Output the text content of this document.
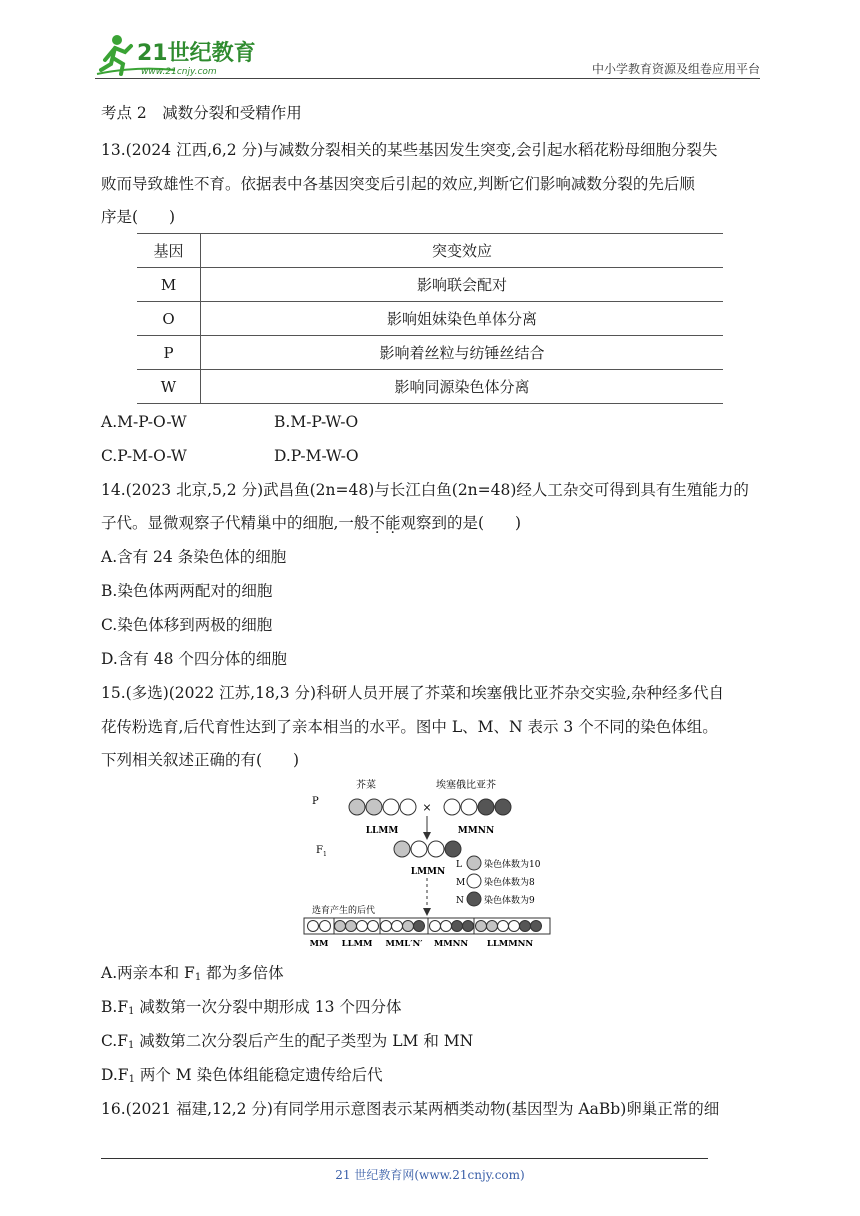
21世纪教育
www.21cnjy.com	中小学教育资源及组卷应用平台
考点 2　减数分裂和受精作用
13.(2024 江西,6,2 分)与减数分裂相关的某些基因发生突变,会引起水稻花粉母细胞分裂失
败而导致雄性不育。依据表中各基因突变后引起的效应,判断它们影响减数分裂的先后顺
序是(　　)
基因	突变效应
M	影响联会配对
O	影响姐妹染色单体分离
P	影响着丝粒与纺锤丝结合
W	影响同源染色体分离
A.M-P-O-W	B.M-P-W-O
C.P-M-O-W	D.P-M-W-O
14.(2023 北京,5,2 分)武昌鱼(2n=48)与长江白鱼(2n=48)经人工杂交可得到具有生殖能力的
子代。显微观察子代精巢中的细胞,一般不能观察到的是(　　)
A.含有 24 条染色体的细胞
B.染色体两两配对的细胞
C.染色体移到两极的细胞
D.含有 48 个四分体的细胞
15.(多选)(2022 江苏,18,3 分)科研人员开展了芥菜和埃塞俄比亚芥杂交实验,杂种经多代自
花传粉选育,后代育性达到了亲本相当的水平。图中 L、M、N 表示 3 个不同的染色体组。
下列相关叙述正确的有(　　)
P
芥菜	埃塞俄比亚芥
×
LLMM	MMNN
$F_1$
LMMN
L 染色体数为10
M 染色体数为8
N 染色体数为9
选育产生的后代
MM LLMM MML′N′ MMNN LLMMNN
A.两亲本和 $F_1$ 都为多倍体
$B.F_1$ 减数第一次分裂中期形成 13 个四分体
$C.F_1$ 减数第二次分裂后产生的配子类型为 LM 和 MN
$D.F_1$ 两个 M 染色体组能稳定遗传给后代
16.(2021 福建,12,2 分)有同学用示意图表示某两栖类动物(基因型为 AaBb)卵巢正常的细
21 世纪教育网(www.21cnjy.com)
